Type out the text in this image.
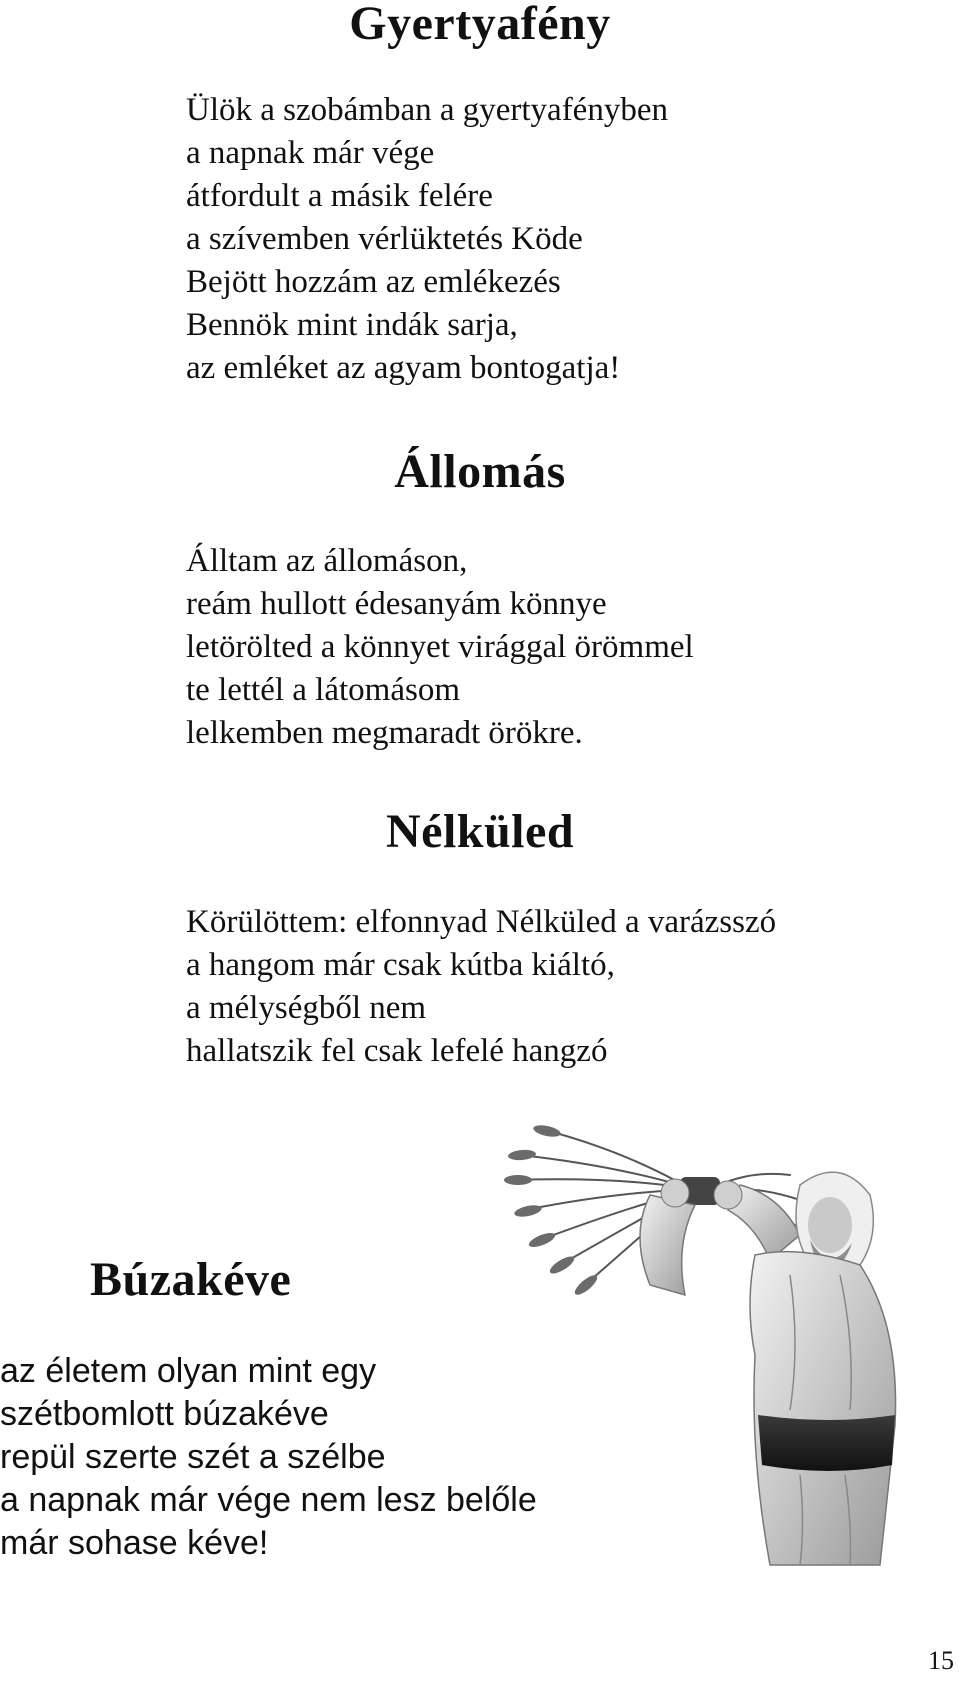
Gyertyafény
Ülök a szobámban a gyertyafényben
a napnak már vége
átfordult a másik felére
a szívemben vérlüktetés Köde
Bejött hozzám az emlékezés
Bennök mint indák sarja,
az emléket az agyam bontogatja!
Állomás
Álltam az állomáson,
reám hullott édesanyám könnye
letörölted a könnyet virággal örömmel
te lettél a látomásom
lelkemben megmaradt örökre.
Nélküled
Körülöttem: elfonnyad Nélküled a varázsszó
a hangom már csak kútba kiáltó,
a mélységből nem
hallatszik fel csak lefelé hangzó
Búzakéve
az életem olyan mint egy
szétbomlott búzakéve
repül szerte szét a szélbe
a napnak már vége nem lesz belőle
már sohase kéve!
15
